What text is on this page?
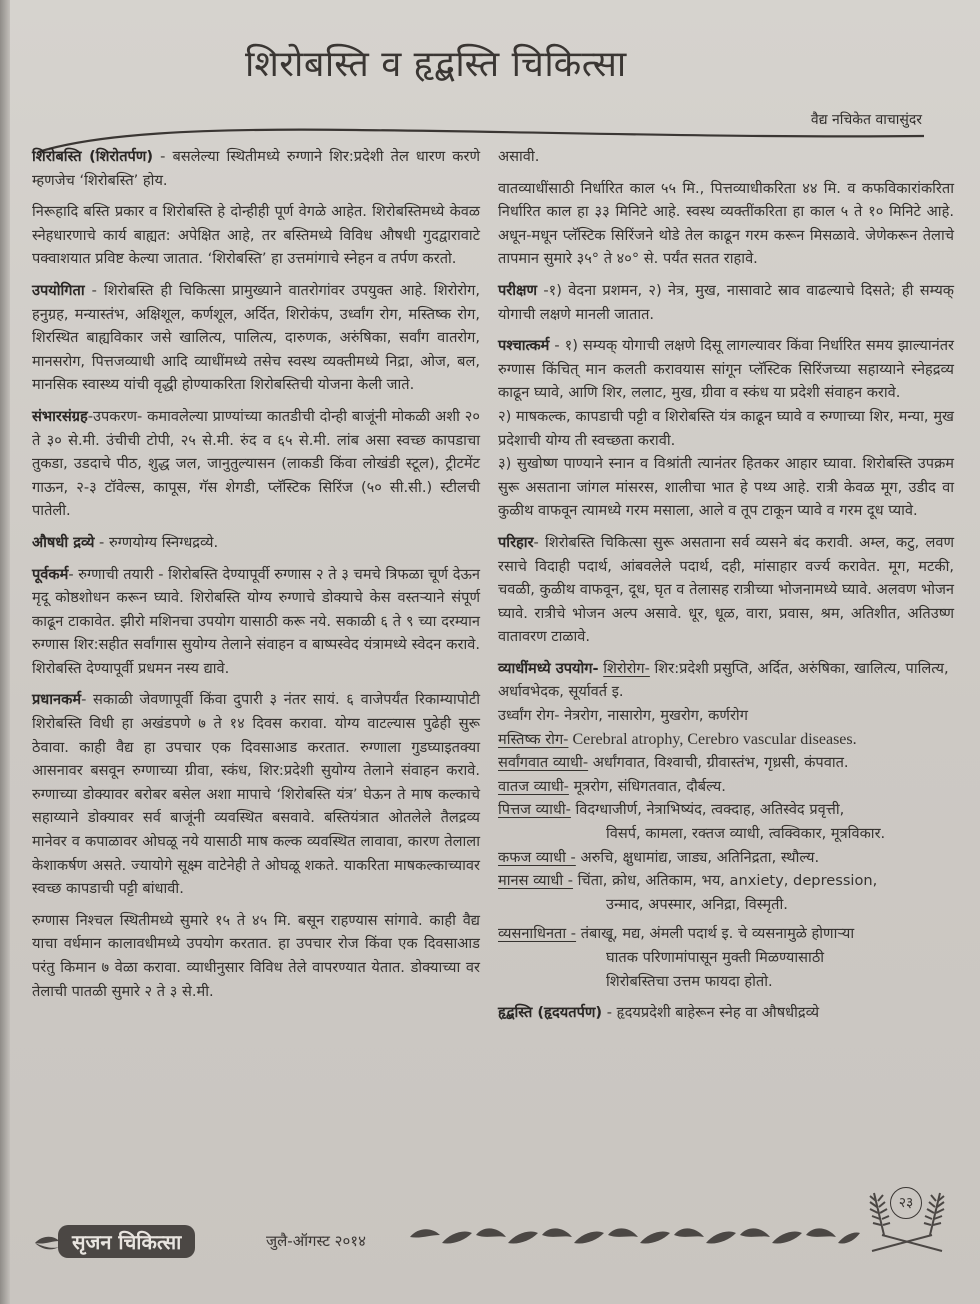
शिरोबस्ति व हृद्बस्ति चिकित्सा
वैद्य नचिकेत वाचासुंदर

शिरोबस्ति (शिरोतर्पण) - बसलेल्या स्थितीमध्ये रुग्णाने शिर:प्रदेशी तेल धारण करणे म्हणजेच ‘शिरोबस्ति’ होय.

निरूहादि बस्ति प्रकार व शिरोबस्ति हे दोन्हीही पूर्ण वेगळे आहेत. शिरोबस्तिमध्ये केवळ स्नेहधारणाचे कार्य बाह्यत: अपेक्षित आहे, तर बस्तिमध्ये विविध औषधी गुदद्वारावाटे पक्वाशयात प्रविष्ट केल्या जातात. ‘शिरोबस्ति’ हा उत्तमांगाचे स्नेहन व तर्पण करतो.

उपयोगिता - शिरोबस्ति ही चिकित्सा प्रामुख्याने वातरोगांवर उपयुक्त आहे. शिरोरोग, हनुग्रह, मन्यास्तंभ, अक्षिशूल, कर्णशूल, अर्दित, शिरोकंप, उर्ध्वांग रोग, मस्तिष्क रोग, शिरस्थित बाह्यविकार जसे खालित्य, पालित्य, दारुणक, अरुंषिका, सर्वांग वातरोग, मानसरोग, पित्तजव्याधी आदि व्याधींमध्ये तसेच स्वस्थ व्यक्तीमध्ये निद्रा, ओज, बल, मानसिक स्वास्थ्य यांची वृद्धी होण्याकरिता शिरोबस्तिची योजना केली जाते.

संभारसंग्रह-उपकरण- कमावलेल्या प्राण्यांच्या कातडीची दोन्ही बाजूंनी मोकळी अशी २० ते ३० से.मी. उंचीची टोपी, २५ से.मी. रुंद व ६५ से.मी. लांब असा स्वच्छ कापडाचा तुकडा, उडदाचे पीठ, शुद्ध जल, जानुतुल्यासन (लाकडी किंवा लोखंडी स्टूल), ट्रीटमेंट गाऊन, २-३ टॉवेल्स, कापूस, गॅस शेगडी, प्लॅस्टिक सिरिंज (५० सी.सी.) स्टीलची पातेली.

औषधी द्रव्ये - रुग्णयोग्य स्निग्धद्रव्ये.

पूर्वकर्म- रुग्णाची तयारी - शिरोबस्ति देण्यापूर्वी रुग्णास २ ते ३ चमचे त्रिफळा चूर्ण देऊन मृदू कोष्ठशोधन करून घ्यावे. शिरोबस्ति योग्य रुग्णाचे डोक्याचे केस वस्तऱ्याने संपूर्ण काढून टाकावेत. झीरो मशिनचा उपयोग यासाठी करू नये. सकाळी ६ ते ९ च्या दरम्यान रुग्णास शिर:सहीत सर्वांगास सुयोग्य तेलाने संवाहन व बाष्पस्वेद यंत्रामध्ये स्वेदन करावे. शिरोबस्ति देण्यापूर्वी प्रधमन नस्य द्यावे.

प्रधानकर्म- सकाळी जेवणापूर्वी किंवा दुपारी ३ नंतर सायं. ६ वाजेपर्यंत रिकाम्यापोटी शिरोबस्ति विधी हा अखंडपणे ७ ते १४ दिवस करावा. योग्य वाटल्यास पुढेही सुरू ठेवावा. काही वैद्य हा उपचार एक दिवसाआड करतात. रुग्णाला गुडघ्याइतक्या आसनावर बसवून रुग्णाच्या ग्रीवा, स्कंध, शिर:प्रदेशी सुयोग्य तेलाने संवाहन करावे. रुग्णाच्या डोक्यावर बरोबर बसेल अशा मापाचे ‘शिरोबस्ति यंत्र’ घेऊन ते माष कल्काचे सहाय्याने डोक्यावर सर्व बाजूंनी व्यवस्थित बसवावे. बस्तियंत्रात ओतलेले तैलद्रव्य मानेवर व कपाळावर ओघळू नये यासाठी माष कल्क व्यवस्थित लावावा, कारण तेलाला केशाकर्षण असते. ज्यायोगे सूक्ष्म वाटेनेही ते ओघळू शकते. याकरिता माषकल्काच्यावर स्वच्छ कापडाची पट्टी बांधावी.

रुग्णास निश्चल स्थितीमध्ये सुमारे १५ ते ४५ मि. बसून राहण्यास सांगावे. काही वैद्य याचा वर्धमान कालावधीमध्ये उपयोग करतात. हा उपचार रोज किंवा एक दिवसाआड परंतु किमान ७ वेळा करावा. व्याधीनुसार विविध तेले वापरण्यात येतात. डोक्याच्या वर तेलाची पातळी सुमारे २ ते ३ से.मी.

असावी.

वातव्याधींसाठी निर्धारित काल ५५ मि., पित्तव्याधीकरिता ४४ मि. व कफविकारांकरिता निर्धारित काल हा ३३ मिनिटे आहे. स्वस्थ व्यक्तींकरिता हा काल ५ ते १० मिनिटे आहे. अधून-मधून प्लॅस्टिक सिरिंजने थोडे तेल काढून गरम करून मिसळावे. जेणेकरून तेलाचे तापमान सुमारे ३५° ते ४०° से. पर्यंत सतत राहावे.

परीक्षण -१) वेदना प्रशमन, २) नेत्र, मुख, नासावाटे स्राव वाढल्याचे दिसते; ही सम्यक् योगाची लक्षणे मानली जातात.

पश्चात्कर्म - १) सम्यक् योगाची लक्षणे दिसू लागल्यावर किंवा निर्धारित समय झाल्यानंतर रुग्णास किंचित् मान कलती करावयास सांगून प्लॅस्टिक सिरिंजच्या सहाय्याने स्नेहद्रव्य काढून घ्यावे, आणि शिर, ललाट, मुख, ग्रीवा व स्कंध या प्रदेशी संवाहन करावे.

२) माषकल्क, कापडाची पट्टी व शिरोबस्ति यंत्र काढून घ्यावे व रुग्णाच्या शिर, मन्या, मुख प्रदेशाची योग्य ती स्वच्छता करावी.

३) सुखोष्ण पाण्याने स्नान व विश्रांती त्यानंतर हितकर आहार घ्यावा. शिरोबस्ति उपक्रम सुरू असताना जांगल मांसरस, शालीचा भात हे पथ्य आहे. रात्री केवळ मूग, उडीद वा कुळीथ वाफवून त्यामध्ये गरम मसाला, आले व तूप टाकून प्यावे व गरम दूध प्यावे.

परिहार- शिरोबस्ति चिकित्सा सुरू असताना सर्व व्यसने बंद करावी. अम्ल, कटु, लवण रसाचे विदाही पदार्थ, आंबवलेले पदार्थ, दही, मांसाहार वर्ज्य करावेत. मूग, मटकी, चवळी, कुळीथ वाफवून, दूध, घृत व तेलासह रात्रीच्या भोजनामध्ये घ्यावे. अलवण भोजन घ्यावे. रात्रीचे भोजन अल्प असावे. धूर, धूळ, वारा, प्रवास, श्रम, अतिशीत, अतिउष्ण वातावरण टाळावे.

व्याधींमध्ये उपयोग- शिरोरोग- शिर:प्रदेशी प्रसुप्ति, अर्दित, अरुंषिका, खालित्य, पालित्य, अर्धावभेदक, सूर्यावर्त इ.
उर्ध्वांग रोग- नेत्ररोग, नासारोग, मुखरोग, कर्णरोग
मस्तिष्क रोग- Cerebral atrophy, Cerebro vascular diseases.
सर्वांगवात व्याधी- अर्धांगवात, विश्वाची, ग्रीवास्तंभ, गृध्रसी, कंपवात.
वातज व्याधी- मूत्ररोग, संधिगतवात, दौर्बल्य.
पित्तज व्याधी- विदग्धाजीर्ण, नेत्राभिष्यंद, त्वक्दाह, अतिस्वेद प्रवृत्ती,
विसर्प, कामला, रक्तज व्याधी, त्वक्विकार, मूत्रविकार.
कफज व्याधी - अरुचि, क्षुधामांद्य, जाड्य, अतिनिद्रता, स्थौल्य.
मानस व्याधी - चिंता, क्रोध, अतिकाम, भय, anxiety, depression,
उन्माद, अपस्मार, अनिद्रा, विस्मृती.
व्यसनाधिनता - तंबाखू, मद्य, अंमली पदार्थ इ. चे व्यसनामुळे होणाऱ्या
घातक परिणामांपासून मुक्ती मिळण्यासाठी
शिरोबस्तिचा उत्तम फायदा होतो.

हृद्बस्ति (हृदयतर्पण) - हृदयप्रदेशी बाहेरून स्नेह वा औषधीद्रव्ये

सृजन चिकित्सा	जुलै-ऑगस्ट २०१४
२३
